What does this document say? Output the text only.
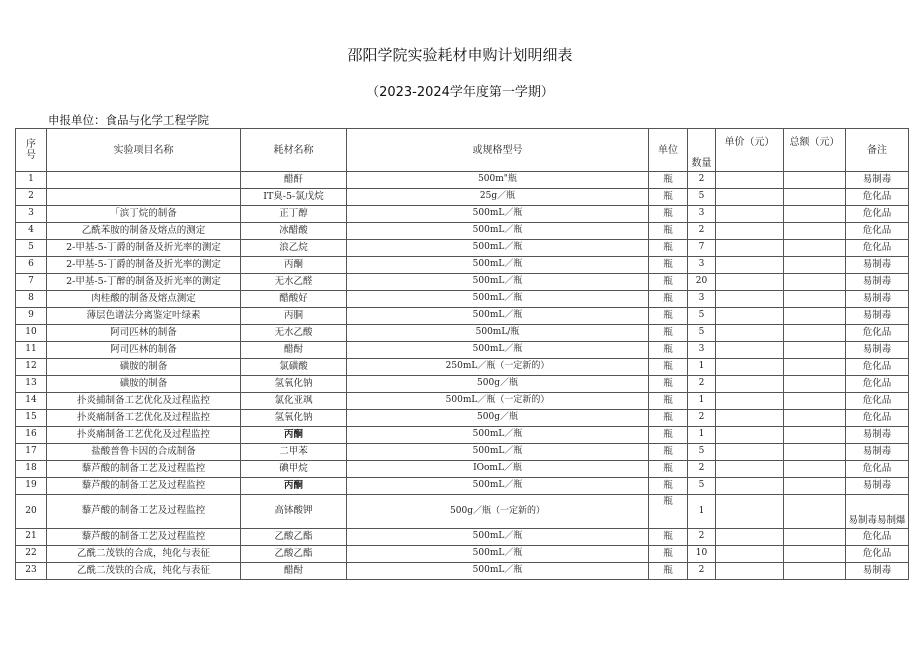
邵阳学院实验耗材申购计划明细表
（2023-2024学年度第一学期）
申报单位：食品与化学工程学院
序
号	实验项目名称	耗材名称	或规格型号	单位	数量	单价（元）	总额（元）	备注
1		醋酐	500m"瓶	瓶	2			易制毒
2		IT臭-5-氯戊烷	25g／瓶	瓶	5			危化品
3	「滨丁烷的制备	正丁醇	500mL／瓶	瓶	3			危化品
4	乙酰苯胺的制备及熔点的测定	冰醋酸	500mL／瓶	瓶	2			危化品
5	2-甲基-5-丁爵的制备及折光率的测定	浪乙烷	500mL／瓶	瓶	7			危化品
6	2-甲基-5-丁爵的制备及折光率的测定	丙酮	500mL／瓶	瓶	3			易制毒
7	2-甲基-5-丁醉的制备及折光率的测定	无水乙醛	500mL／瓶	瓶	20			易制毒
8	肉桂酸的制备及熔点测定	醋酸好	500mL／瓶	瓶	3			易制毒
9	薄层色谱法分离鉴定叶绿素	丙胴	500mL／瓶	瓶	5			易制毒
10	阿司匹林的制备	无水乙酸	500mL/瓶	瓶	5			危化品
11	阿司匹林的制备	醋酎	500mL／瓶	瓶	3			易制毒
12	磺胺的制备	氯磺酸	250mL／瓶（一定新的）	瓶	1			危化品
13	磺胺的制备	氢氧化钠	500g／瓶	瓶	2			危化品
14	扑炎捕制备工艺优化及过程监控	氯化亚飒	500mL／瓶（一定新的）	瓶	1			危化品
15	扑炎痛制备工艺优化及过程监控	氢氧化钠	500g／瓶	瓶	2			危化品
16	扑炎痛制备工艺优化及过程监控	丙酮	500mL／瓶	瓶	1			易制毒
17	盐酸普鲁卡因的合成制备	二甲苯	500mL／瓶	瓶	5			易制毒
18	藜芦酸的制备工艺及过程监控	碘甲烷	IOomL／瓶	瓶	2			危化品
19	藜芦酸的制备工艺及过程监控	丙酮	500mL／瓶	瓶	5			易制毒
20	藜芦酸的制备工艺及过程监控	高钵酸钾	500g／瓶（一定新的）	瓶	1			易制毒易制爆
21	藜芦酸的制备工艺及过程监控	乙酸乙酯	500mL／瓶	瓶	2			危化品
22	乙酰二茂铁的合成，纯化与表征	乙酸乙酯	500mL／瓶	瓶	10			危化品
23	乙酰二茂铁的合成，纯化与表征	醋酎	500mL／瓶	瓶	2			易制毒
